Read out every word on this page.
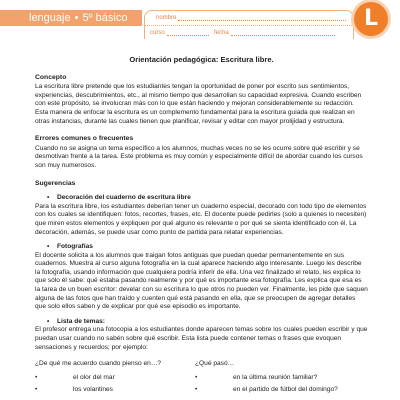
lenguaje • 5º básico	nombre
curso	fecha
L
Orientación pedagógica: Escritura libre.
Concepto

La escritura libre pretende que los estudiantes tengan la oportunidad de poner por escrito sus sentimientos, experiencias, descubrimientos, etc., al mismo tiempo que desarrollan su capacidad expresiva. Cuando escriben con este propósito, se involucran más con lo que están haciendo y mejoran considerablemente su redacción. Esta manera de enfocar la escritura es un complemento fundamental para la escritura guiada que realizan en otras instancias, durante las cuales tienen que planificar, revisar y editar con mayor prolijidad y estructura.

Errores comunes o frecuentes

Cuando no se asigna un tema específico a los alumnos, muchas veces no se les ocurre sobre qué escribir y se desmotivan frente a la tarea. Este problema es muy común y especialmente difícil de abordar cuando los cursos son muy numerosos.

Sugerencias
• Decoración del cuaderno de escritura libre

Para la escritura libre, los estudiantes deberían tener un cuaderno especial, decorado con todo tipo de elementos con los cuales se identifiquen: fotos, recortes, frases, etc. El docente puede pedirles (solo a quienes lo necesiten) que miren estos elementos y expliquen por qué alguno es relevante o por qué se sienta identificado con él. La decoración, además, se puede usar como punto de partida para relatar experiencias.

• Fotografías

El docente solicita a los alumnos que traigan fotos antiguas que puedan quedar permanentemente en sus cuadernos. Muestra al curso alguna fotografía en la cual aparece haciendo algo interesante. Luego les describe la fotografía, usando información que cualquiera podría inferir de ella. Una vez finalizado el relato, les explica lo que sólo él sabe: qué estaba pasando realmente y por qué es importante esa fotografía. Les explica que esa es la tarea de un buen escritor: develar con su escritura lo que otros no pueden ver. Finalmente, les pide que saquen alguna de las fotos que han traído y cuenten qué está pasando en ella, que se preocupen de agregar detalles que solo ellos saben y de explicar por qué ese episodio es importante.

• Lista de temas:

El profesor entrega una fotocopia a los estudiantes donde aparecen temas sobre los cuales pueden escribir y que puedan usar cuando no sabén sobre qué escribir. Esta lista puede contener temas o frases que evoquen sensaciones y recuerdos; por ejemplo:

¿De qué me acuerdo cuando pienso en…?

•	el olor del mar
•	los volantines

¿Qué pasó…

•	en la última reunión familiar?
•	en el partido de fútbol del domingo?
